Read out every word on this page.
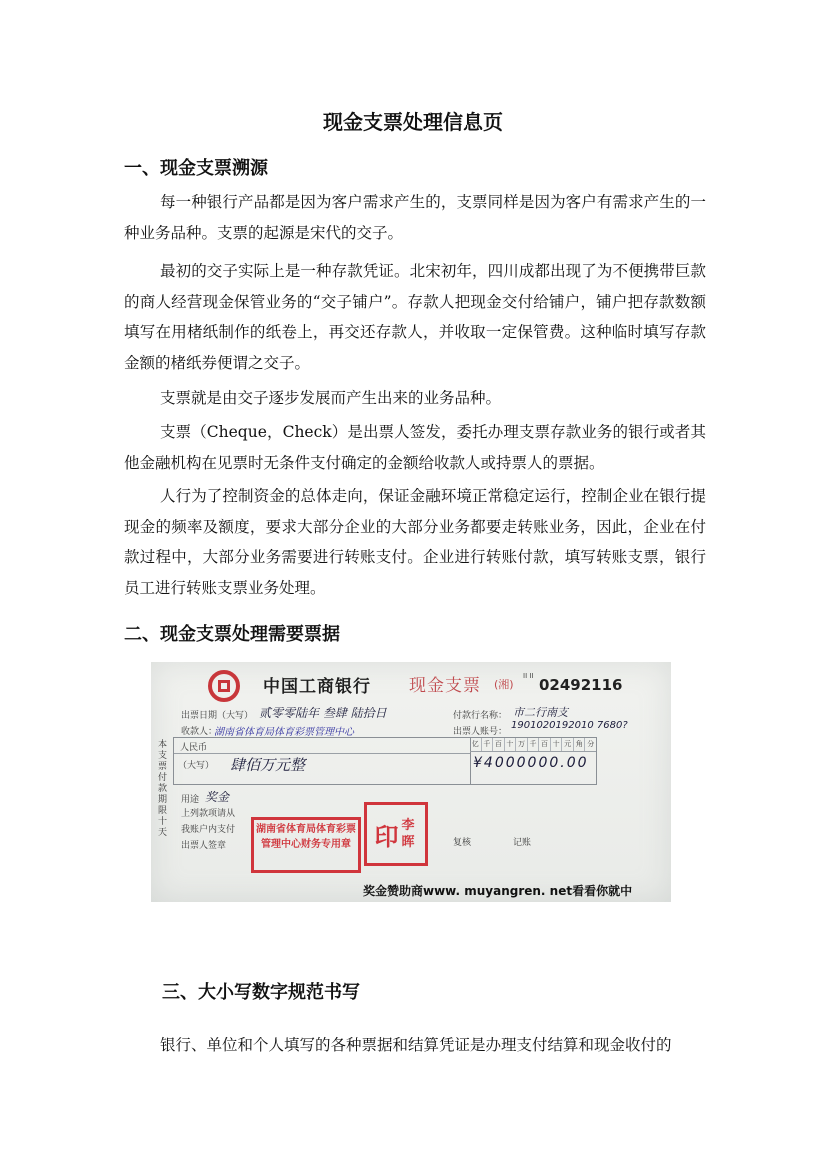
现金支票处理信息页
一、现金支票溯源

每一种银行产品都是因为客户需求产生的，支票同样是因为客户有需求产生的一种业务品种。支票的起源是宋代的交子。

最初的交子实际上是一种存款凭证。北宋初年，四川成都出现了为不便携带巨款的商人经营现金保管业务的“交子铺户”。存款人把现金交付给铺户，铺户把存款数额填写在用楮纸制作的纸卷上，再交还存款人，并收取一定保管费。这种临时填写存款金额的楮纸券便谓之交子。

支票就是由交子逐步发展而产生出来的业务品种。

支票（Cheque，Check）是出票人签发，委托办理支票存款业务的银行或者其他金融机构在见票时无条件支付确定的金额给收款人或持票人的票据。

人行为了控制资金的总体走向，保证金融环境正常稳定运行，控制企业在银行提现金的频率及额度，要求大部分企业的大部分业务都要走转账业务，因此，企业在付款过程中，大部分业务需要进行转账支付。企业进行转账付款，填写转账支票，银行员工进行转账支票业务处理。

二、现金支票处理需要票据
中国工商银行 现金支票 (湘)
II II 02492116
出票日期（大写） 贰零零陆年 叁肆 陆拾日
收款人：
湖南省体育局体育彩票管理中心
付款行名称： 市二行南支
出票人账号：
1901020192010 7680?
本支票付款期限十天
人民币
（大写） 肆佰万元整
亿 千 百 十 万 千 百 十 元 角 分
¥4000000.00
用途 奖金
上列款项请从
我账户内支付
出票人签章
湖南省体育局体育彩票管理中心财务专用章 印 李晖	复核	记账
奖金赞助商www. muyangren. net看看你就中
三、大小写数字规范书写

银行、单位和个人填写的各种票据和结算凭证是办理支付结算和现金收付的
